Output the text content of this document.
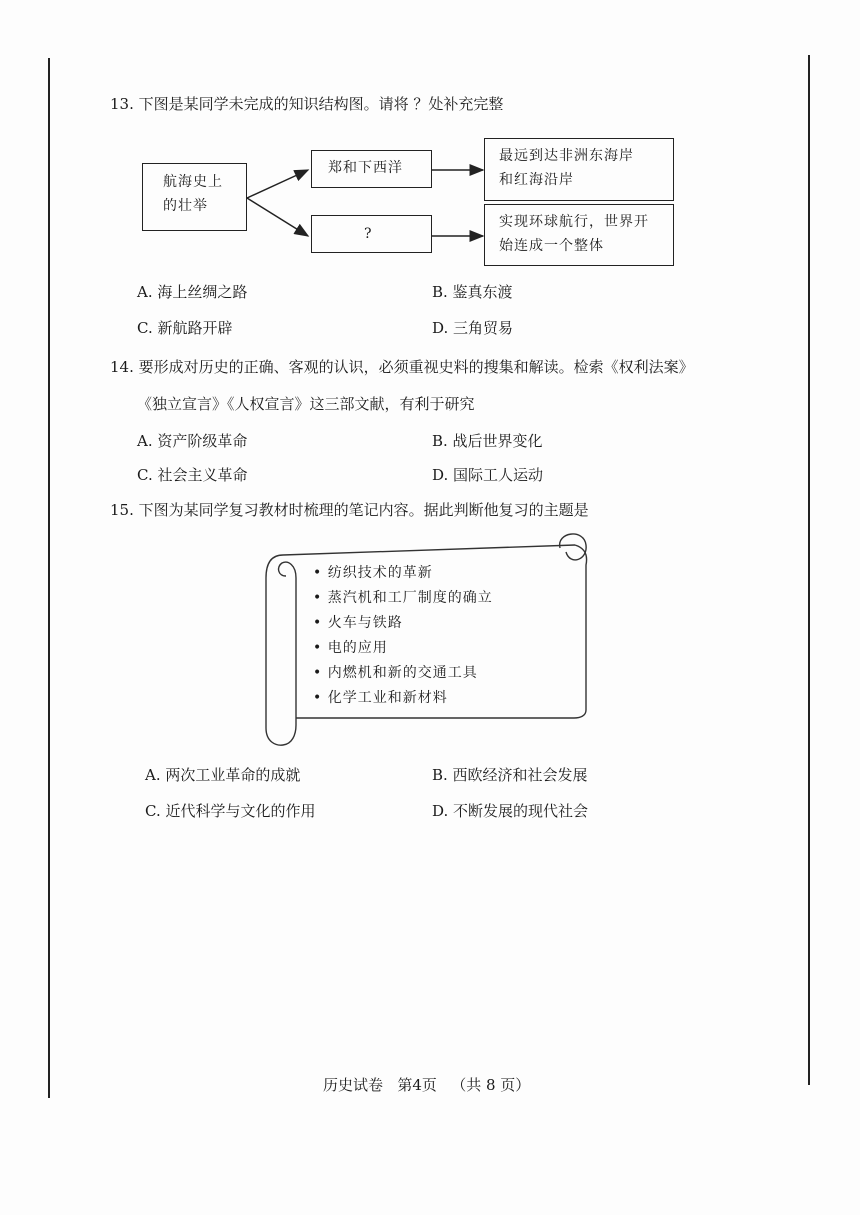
13. 下图是某同学未完成的知识结构图。请将 ？处补充完整
航海史上
的壮举
郑和下西洋
?
最远到达非洲东海岸
和红海沿岸
实现环球航行，世界开
始连成一个整体
A. 海上丝绸之路	B. 鉴真东渡
C. 新航路开辟	D. 三角贸易
14. 要形成对历史的正确、客观的认识，必须重视史料的搜集和解读。检索《权利法案》
《独立宣言》《人权宣言》这三部文献，有利于研究
A. 资产阶级革命	B. 战后世界变化
C. 社会主义革命	D. 国际工人运动
15. 下图为某同学复习教材时梳理的笔记内容。据此判断他复习的主题是
• 纺织技术的革新
• 蒸汽机和工厂制度的确立
• 火车与铁路
• 电的应用
• 内燃机和新的交通工具
• 化学工业和新材料
A. 两次工业革命的成就	B. 西欧经济和社会发展
C. 近代科学与文化的作用	D. 不断发展的现代社会
历史试卷 第4页 （共 8 页）
